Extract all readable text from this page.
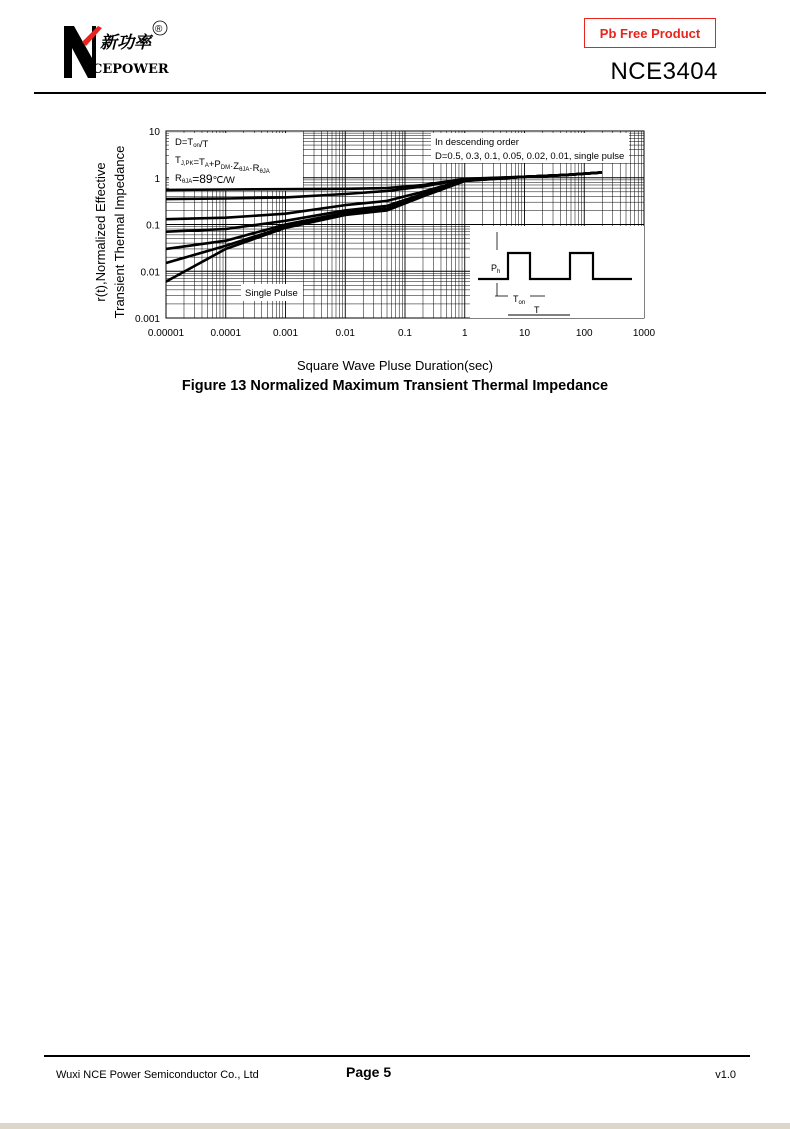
新功率
CEPOWER
®	Pb Free Product
NCE3404
$P_h$
$T_{on}$
T
0.00001	0.0001	0.001	0.01	0.1	1	10	100	1000
0.001
0.01
0.1
1
10
r(t),Normalized Effective Transient Thermal Impedance
$D=T_{on}/T$
$T_{J,PK}=T_A+P_{DM}\cdot Z_{\theta JA}\cdot R_{\theta JA}$
$R_{\theta JA}=89℃/W$
In descending order
D=0.5, 0.3, 0.1, 0.05, 0.02, 0.01, single pulse
Single Pulse
Square Wave Pluse Duration(sec)
Figure 13 Normalized Maximum Transient Thermal Impedance
Wuxi NCE Power Semiconductor Co., Ltd	Page 5	v1.0
